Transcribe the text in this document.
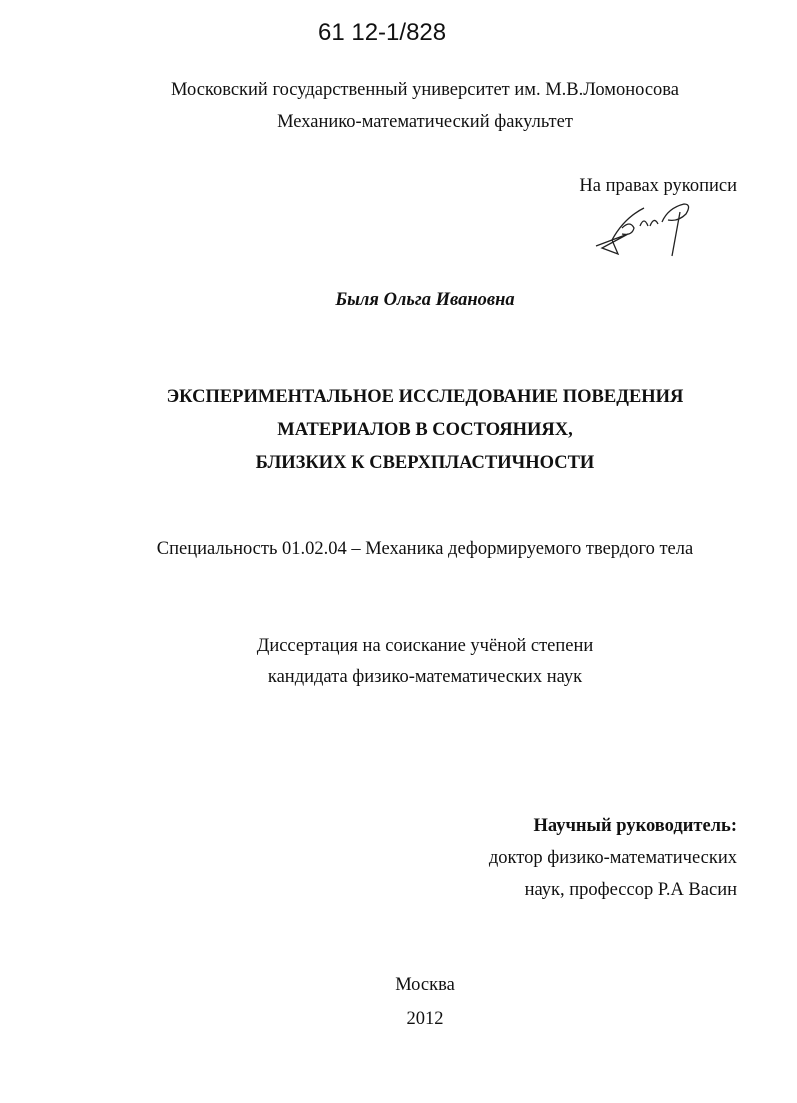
61 12-1/828
Московский государственный университет им. М.В.Ломоносова
Механико-математический факультет
На правах рукописи
Быля Ольга Ивановна
ЭКСПЕРИМЕНТАЛЬНОЕ ИССЛЕДОВАНИЕ ПОВЕДЕНИЯ
МАТЕРИАЛОВ В СОСТОЯНИЯХ,
БЛИЗКИХ К СВЕРХПЛАСТИЧНОСТИ
Специальность 01.02.04 – Механика деформируемого твердого тела
Диссертация на соискание учёной степени
кандидата физико-математических наук
Научный руководитель:
доктор физико-математических
наук, профессор Р.А Васин
Москва
2012
